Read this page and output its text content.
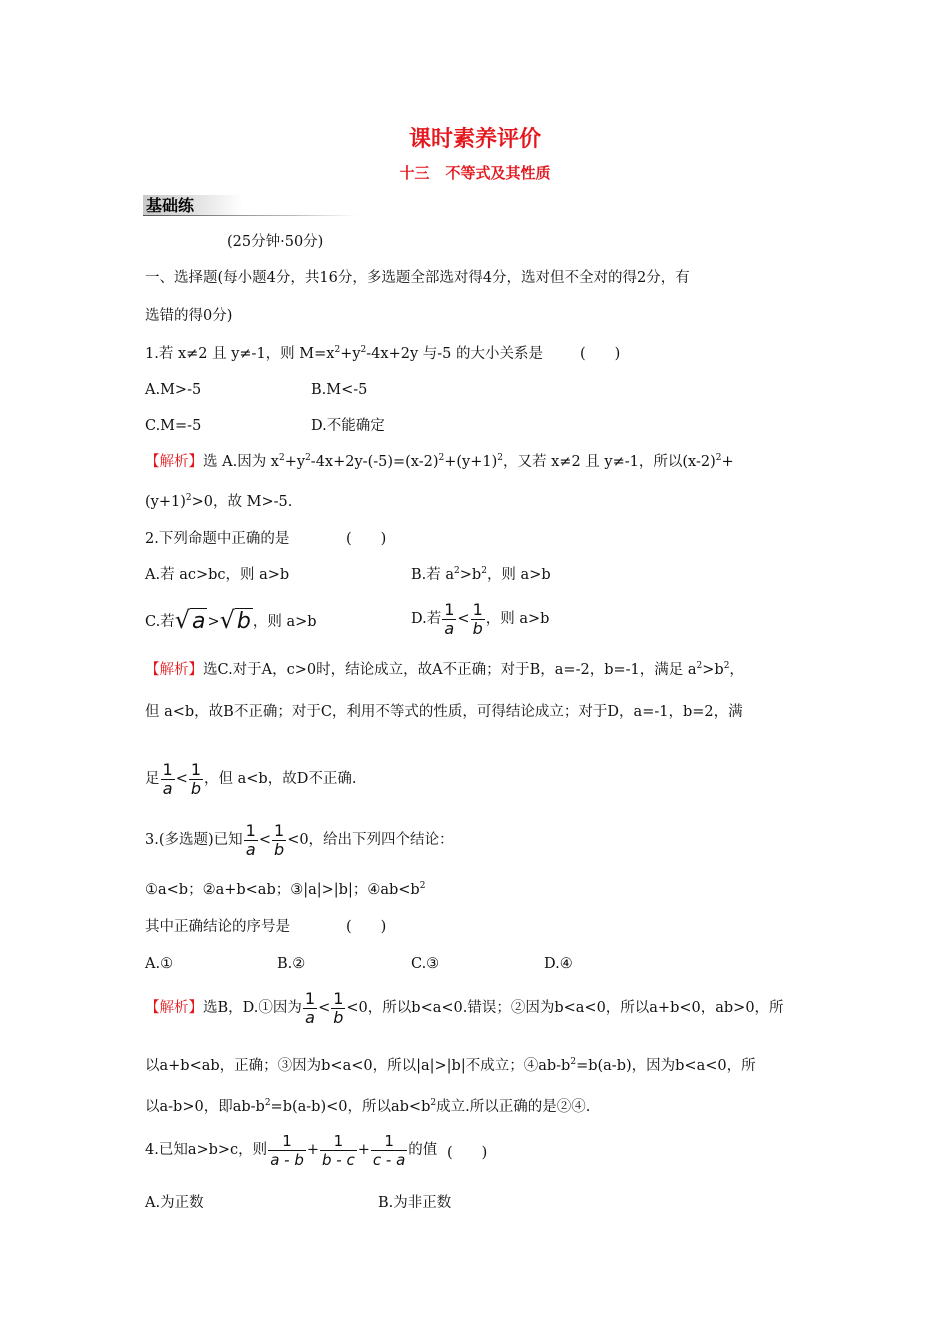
课时素养评价
十三 不等式及其性质
基础练
(25分钟·50分)
一、选择题(每小题4分，共16分，多选题全部选对得4分，选对但不全对的得2分，有
选错的得0分)
1.若 x≠2 且 y≠-1，则 $M=x^2+y^2-4x+2y$ 与-5 的大小关系是	(　　)
A.M>-5	B.M<-5
C.M=-5	D.不能确定
【解析】选 A.因为 $x^2+y^2-4x+2y-(-5)=(x-2)^2+(y+1)^2$，又若 x≠2 且 y≠-1，所以$(x-2)^2+$
$(y+1)^2>0$，故 M>-5.
2.下列命题中正确的是	(　　)
A.若 ac>bc，则 a>b	B.若 $a^2>b^2$，则 a>b
C.若√a >√b ，则 a>b	D.若 $\frac{1}{a} < \frac{1}{b}$ ，则 a>b
【解析】选C.对于A，c>0时，结论成立，故A不正确；对于B，a=-2，b=-1，满足 $a^2>b^2$，
但 a<b，故B不正确；对于C，利用不等式的性质，可得结论成立；对于D，a=-1，b=2，满
足 $\frac{1}{a} < \frac{1}{b}$ ，但 a<b，故D不正确.
3.(多选题)已知 $\frac{1}{a} < \frac{1}{b} <0$，给出下列四个结论：
①a<b；②a+b<ab；③|a|>|b|；$④ab<b^2$
其中正确结论的序号是	(　　)
A.①	B.②	C.③	D.④
【解析】选B，D.①因为 $\frac{1}{a} < \frac{1}{b} <0$，所以b<a<0.错误；②因为b<a<0，所以a+b<0，ab>0，所
以a+b<ab，正确；③因为b<a<0，所以|a|>|b|不成立；④ab-$b^2=b(a-b)$，因为b<a<0，所
以a-b>0，即$ab-b^2=b(a-b)<0$，所以$ab<b^2$成立.所以正确的是②④.
4.已知a>b>c，则 $\frac{1}{a - b} + \frac{1}{b - c} + \frac{1}{c - a}$ 的值 (　　)
A.为正数	B.为非正数
